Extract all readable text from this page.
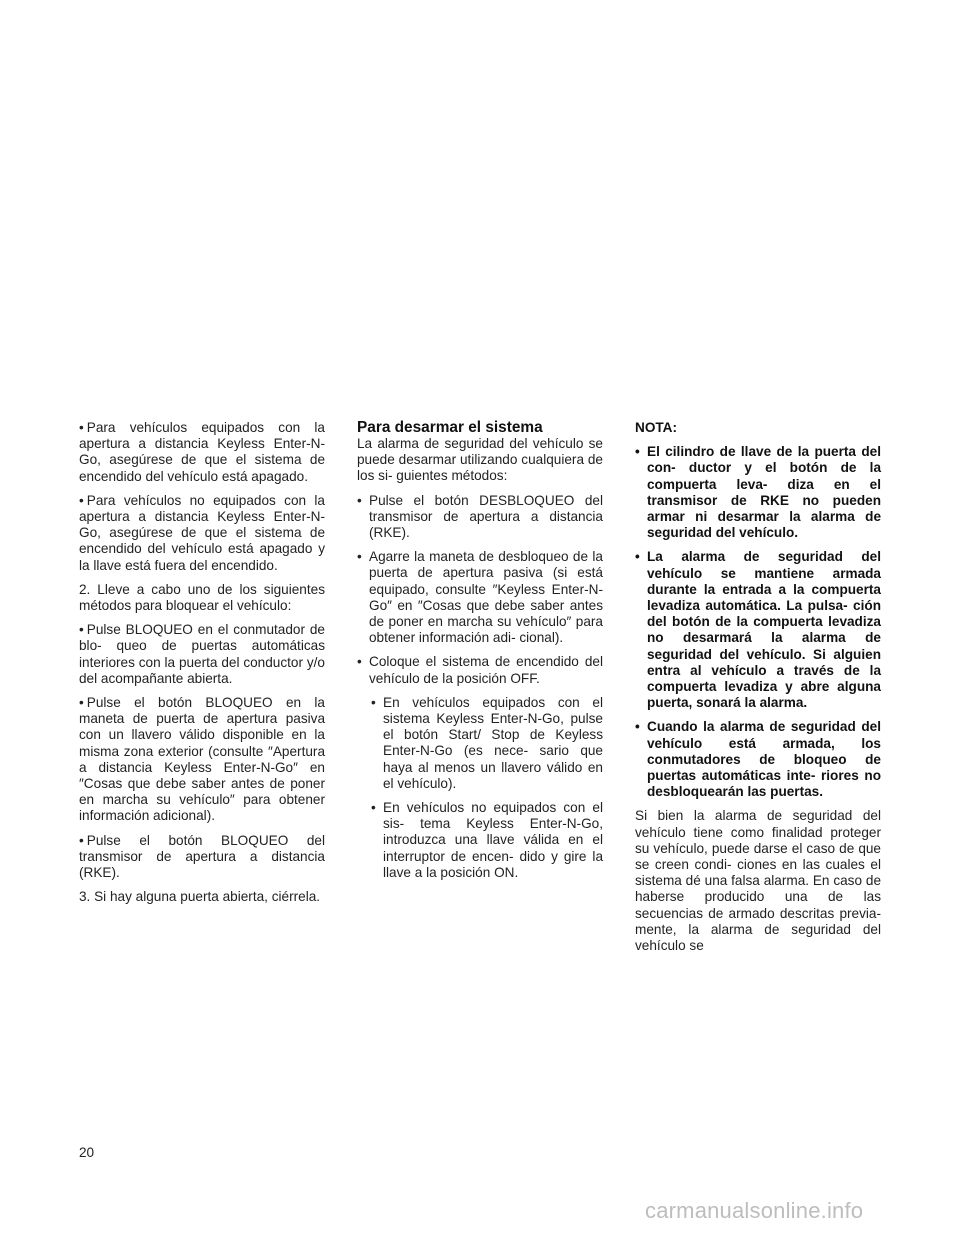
• Para vehículos equipados con la apertura a distancia Keyless Enter-N-Go, asegúrese de que el sistema de encendido del vehículo está apagado.

• Para vehículos no equipados con la apertura a distancia Keyless Enter-N-Go, asegúrese de que el sistema de encendido del vehículo está apagado y la llave está fuera del encendido.

2. Lleve a cabo uno de los siguientes métodos para bloquear el vehículo:

• Pulse BLOQUEO en el conmutador de blo- queo de puertas automáticas interiores con la puerta del conductor y/o del acompañante abierta.

• Pulse el botón BLOQUEO en la maneta de puerta de apertura pasiva con un llavero válido disponible en la misma zona exterior (consulte ″Apertura a distancia Keyless Enter-N-Go″ en ″Cosas que debe saber antes de poner en marcha su vehículo″ para obtener información adicional).

• Pulse el botón BLOQUEO del transmisor de apertura a distancia (RKE).

3. Si hay alguna puerta abierta, ciérrela.

Para desarmar el sistema

La alarma de seguridad del vehículo se puede desarmar utilizando cualquiera de los si- guientes métodos:

• Pulse el botón DESBLOQUEO del transmisor de apertura a distancia (RKE).
• Agarre la maneta de desbloqueo de la puerta de apertura pasiva (si está equipado, consulte ″Keyless Enter-N-Go″ en ″Cosas que debe saber antes de poner en marcha su vehículo″ para obtener información adi- cional).
• Coloque el sistema de encendido del vehículo de la posición OFF.
• En vehículos equipados con el sistema Keyless Enter-N-Go, pulse el botón Start/ Stop de Keyless Enter-N-Go (es nece- sario que haya al menos un llavero válido en el vehículo).
• En vehículos no equipados con el sis- tema Keyless Enter-N-Go, introduzca una llave válida en el interruptor de encen- dido y gire la llave a la posición ON.

NOTA:

• El cilindro de llave de la puerta del con- ductor y el botón de la compuerta leva- diza en el transmisor de RKE no pueden armar ni desarmar la alarma de seguridad del vehículo.
• La alarma de seguridad del vehículo se mantiene armada durante la entrada a la compuerta levadiza automática. La pulsa- ción del botón de la compuerta levadiza no desarmará la alarma de seguridad del vehículo. Si alguien entra al vehículo a través de la compuerta levadiza y abre alguna puerta, sonará la alarma.
• Cuando la alarma de seguridad del vehículo está armada, los conmutadores de bloqueo de puertas automáticas inte- riores no desbloquearán las puertas.

Si bien la alarma de seguridad del vehículo tiene como finalidad proteger su vehículo, puede darse el caso de que se creen condi- ciones en las cuales el sistema dé una falsa alarma. En caso de haberse producido una de las secuencias de armado descritas previa- mente, la alarma de seguridad del vehículo se

20
carmanualsonline.info
